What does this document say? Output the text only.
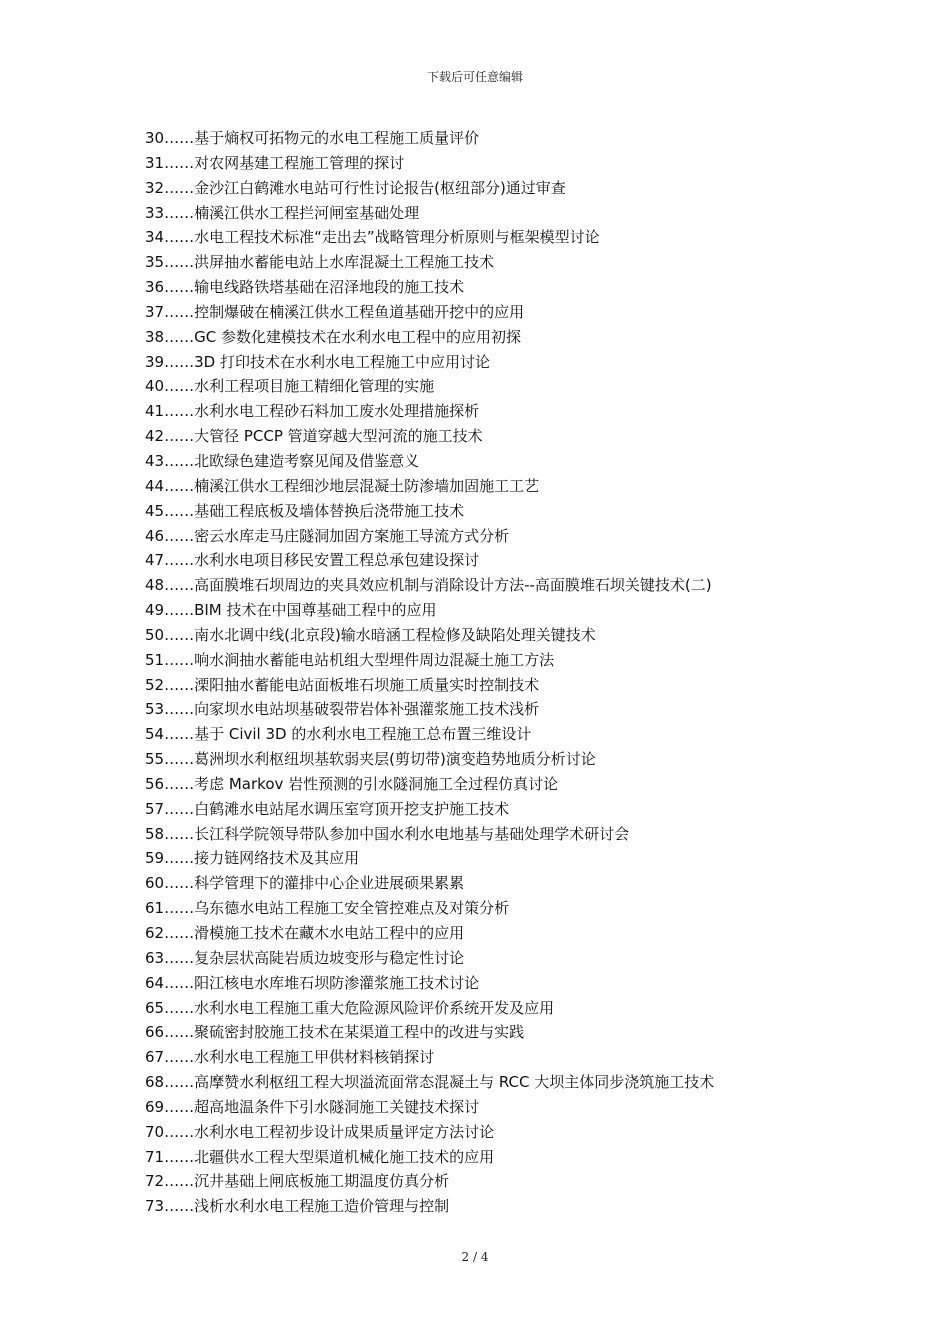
下载后可任意编辑
30……基于熵权可拓物元的水电工程施工质量评价
31……对农网基建工程施工管理的探讨
32……金沙江白鹤滩水电站可行性讨论报告(枢纽部分)通过审查
33……楠溪江供水工程拦河闸室基础处理
34……水电工程技术标准“走出去”战略管理分析原则与框架模型讨论
35……洪屏抽水蓄能电站上水库混凝土工程施工技术
36……输电线路铁塔基础在沼泽地段的施工技术
37……控制爆破在楠溪江供水工程鱼道基础开挖中的应用
38……GC 参数化建模技术在水利水电工程中的应用初探
39……3D 打印技术在水利水电工程施工中应用讨论
40……水利工程项目施工精细化管理的实施
41……水利水电工程砂石料加工废水处理措施探析
42……大管径 PCCP 管道穿越大型河流的施工技术
43……北欧绿色建造考察见闻及借鉴意义
44……楠溪江供水工程细沙地层混凝土防渗墙加固施工工艺
45……基础工程底板及墙体替换后浇带施工技术
46……密云水库走马庄隧洞加固方案施工导流方式分析
47……水利水电项目移民安置工程总承包建设探讨
48……高面膜堆石坝周边的夹具效应机制与消除设计方法--高面膜堆石坝关键技术(二)
49……BIM 技术在中国尊基础工程中的应用
50……南水北调中线(北京段)输水暗涵工程检修及缺陷处理关键技术
51……响水涧抽水蓄能电站机组大型埋件周边混凝土施工方法
52……溧阳抽水蓄能电站面板堆石坝施工质量实时控制技术
53……向家坝水电站坝基破裂带岩体补强灌浆施工技术浅析
54……基于 Civil 3D 的水利水电工程施工总布置三维设计
55……葛洲坝水利枢纽坝基软弱夹层(剪切带)演变趋势地质分析讨论
56……考虑 Markov 岩性预测的引水隧洞施工全过程仿真讨论
57……白鹤滩水电站尾水调压室穹顶开挖支护施工技术
58……长江科学院领导带队参加中国水利水电地基与基础处理学术研讨会
59……接力链网络技术及其应用
60……科学管理下的灌排中心企业进展硕果累累
61……乌东德水电站工程施工安全管控难点及对策分析
62……滑模施工技术在藏木水电站工程中的应用
63……复杂层状高陡岩质边坡变形与稳定性讨论
64……阳江核电水库堆石坝防渗灌浆施工技术讨论
65……水利水电工程施工重大危险源风险评价系统开发及应用
66……聚硫密封胶施工技术在某渠道工程中的改进与实践
67……水利水电工程施工甲供材料核销探讨
68……高摩赞水利枢纽工程大坝溢流面常态混凝土与 RCC 大坝主体同步浇筑施工技术
69……超高地温条件下引水隧洞施工关键技术探讨
70……水利水电工程初步设计成果质量评定方法讨论
71……北疆供水工程大型渠道机械化施工技术的应用
72……沉井基础上闸底板施工期温度仿真分析
73……浅析水利水电工程施工造价管理与控制
2 / 4
